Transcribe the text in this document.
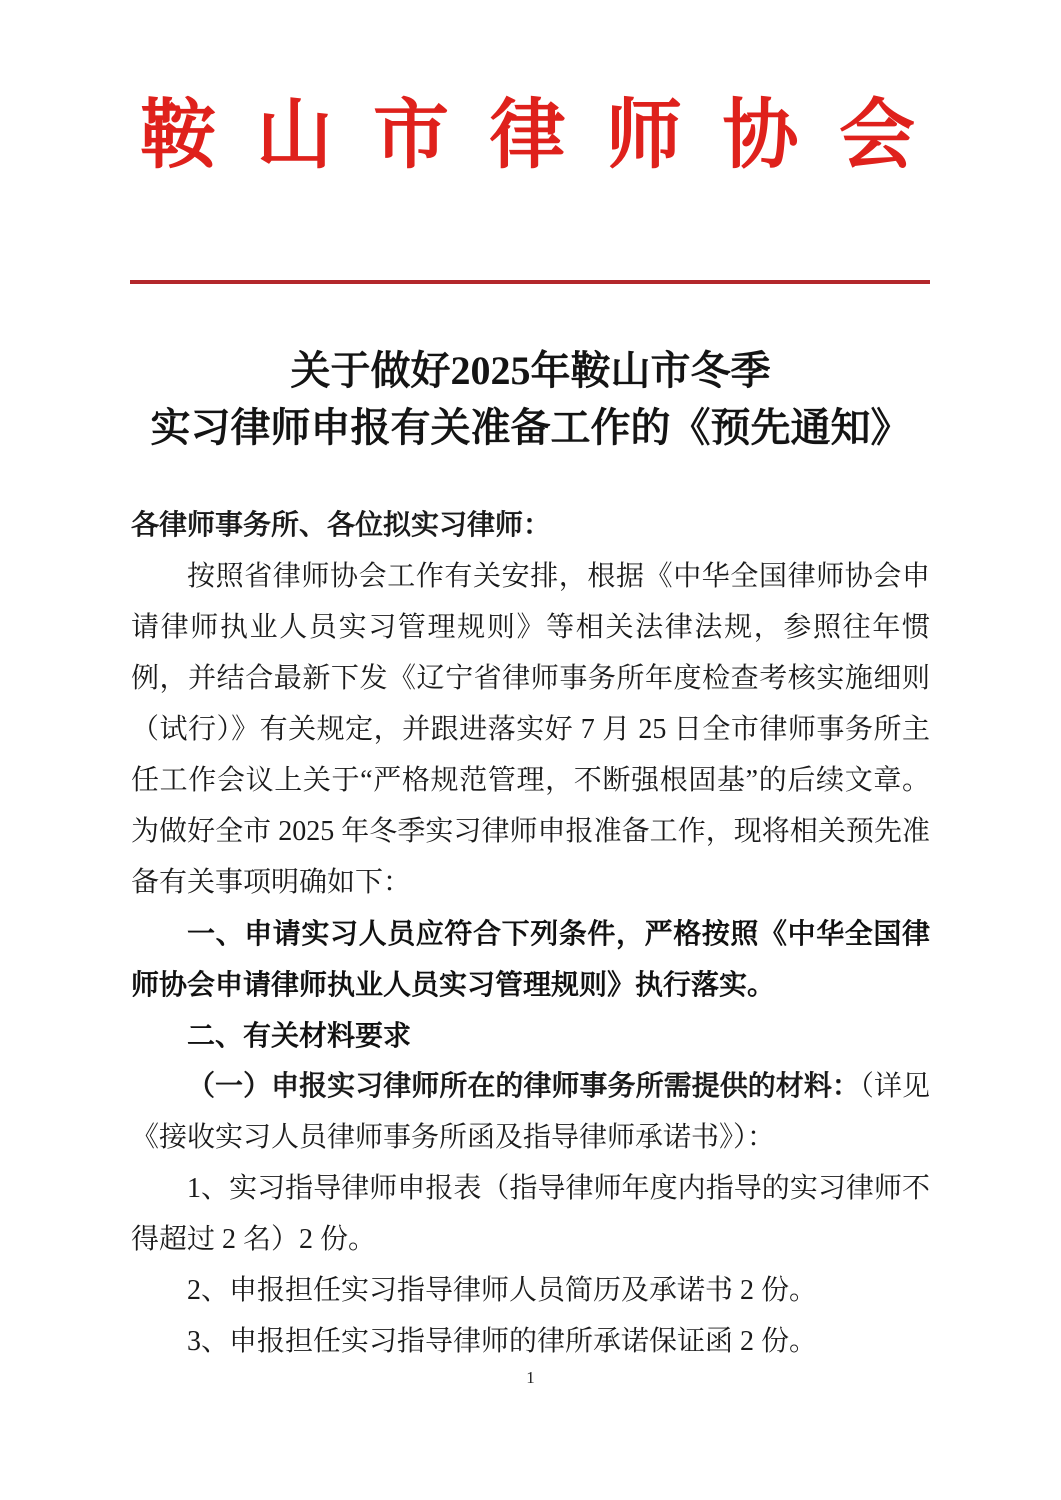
鞍山市律师协会
关于做好2025年鞍山市冬季
实习律师申报有关准备工作的《预先通知》

各律师事务所、各位拟实习律师：

按照省律师协会工作有关安排，根据《中华全国律师协会申请律师执业人员实习管理规则》等相关法律法规，参照往年惯例，并结合最新下发《辽宁省律师事务所年度检查考核实施细则（试行）》有关规定，并跟进落实好 7 月 25 日全市律师事务所主任工作会议上关于“严格规范管理，不断强根固基”的后续文章。为做好全市 2025 年冬季实习律师申报准备工作，现将相关预先准备有关事项明确如下：

一、申请实习人员应符合下列条件，严格按照《中华全国律师协会申请律师执业人员实习管理规则》执行落实。

二、有关材料要求

（一）申报实习律师所在的律师事务所需提供的材料：（详见《接收实习人员律师事务所函及指导律师承诺书》）：

1、实习指导律师申报表（指导律师年度内指导的实习律师不得超过 2 名）2 份。

2、申报担任实习指导律师人员简历及承诺书 2 份。

3、申报担任实习指导律师的律所承诺保证函 2 份。

1
